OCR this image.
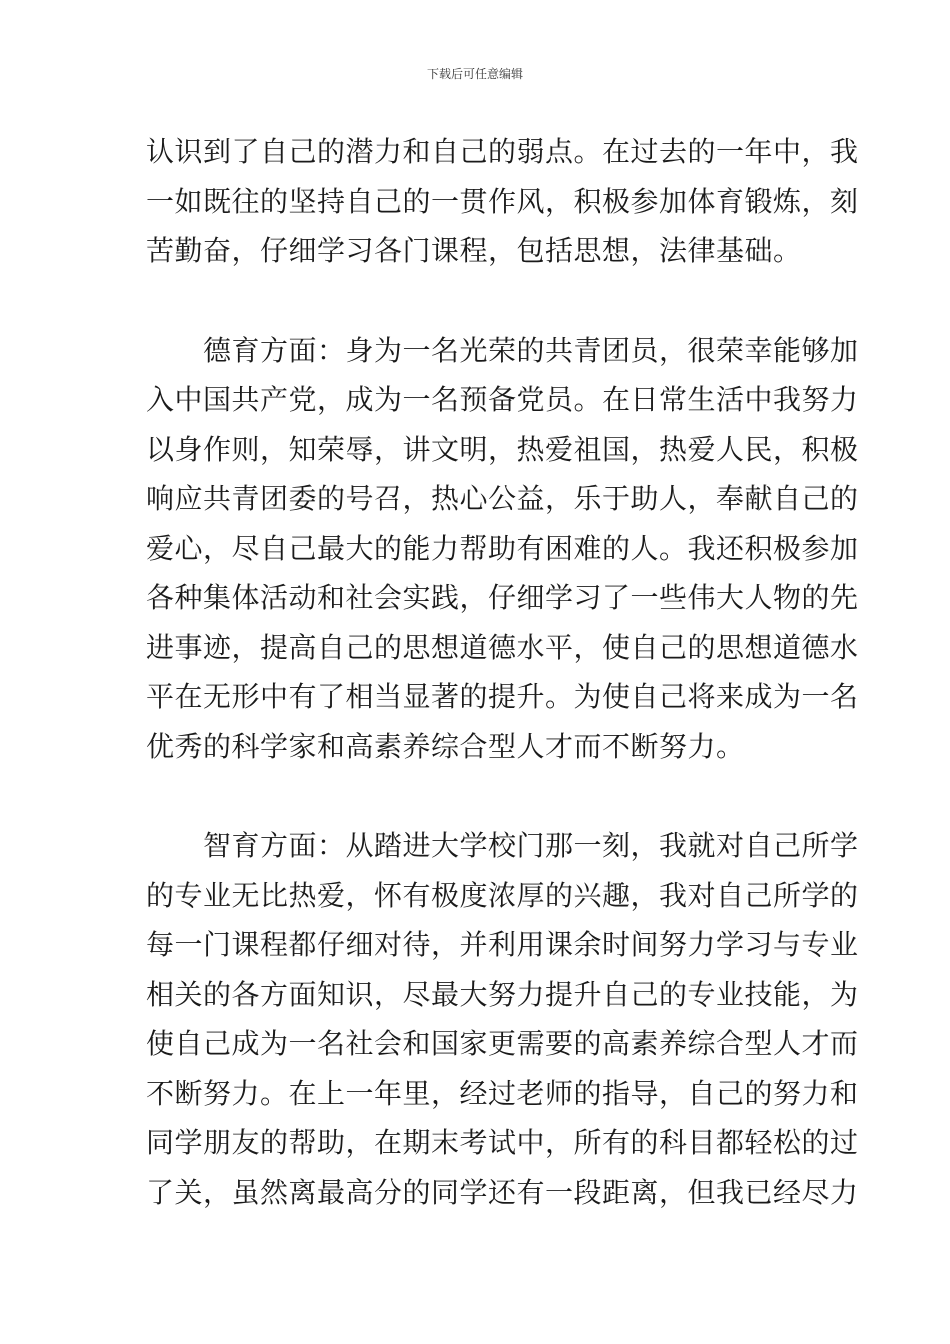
下载后可任意编辑
认识到了自己的潜力和自己的弱点。在过去的一年中，我
一如既往的坚持自己的一贯作风，积极参加体育锻炼，刻
苦勤奋，仔细学习各门课程，包括思想，法律基础。
　　德育方面：身为一名光荣的共青团员，很荣幸能够加
入中国共产党，成为一名预备党员。在日常生活中我努力
以身作则，知荣辱，讲文明，热爱祖国，热爱人民，积极
响应共青团委的号召，热心公益，乐于助人，奉献自己的
爱心，尽自己最大的能力帮助有困难的人。我还积极参加
各种集体活动和社会实践，仔细学习了一些伟大人物的先
进事迹，提高自己的思想道德水平，使自己的思想道德水
平在无形中有了相当显著的提升。为使自己将来成为一名
优秀的科学家和高素养综合型人才而不断努力。
　　智育方面：从踏进大学校门那一刻，我就对自己所学
的专业无比热爱，怀有极度浓厚的兴趣，我对自己所学的
每一门课程都仔细对待，并利用课余时间努力学习与专业
相关的各方面知识，尽最大努力提升自己的专业技能，为
使自己成为一名社会和国家更需要的高素养综合型人才而
不断努力。在上一年里，经过老师的指导，自己的努力和
同学朋友的帮助，在期末考试中，所有的科目都轻松的过
了关，虽然离最高分的同学还有一段距离，但我已经尽力
